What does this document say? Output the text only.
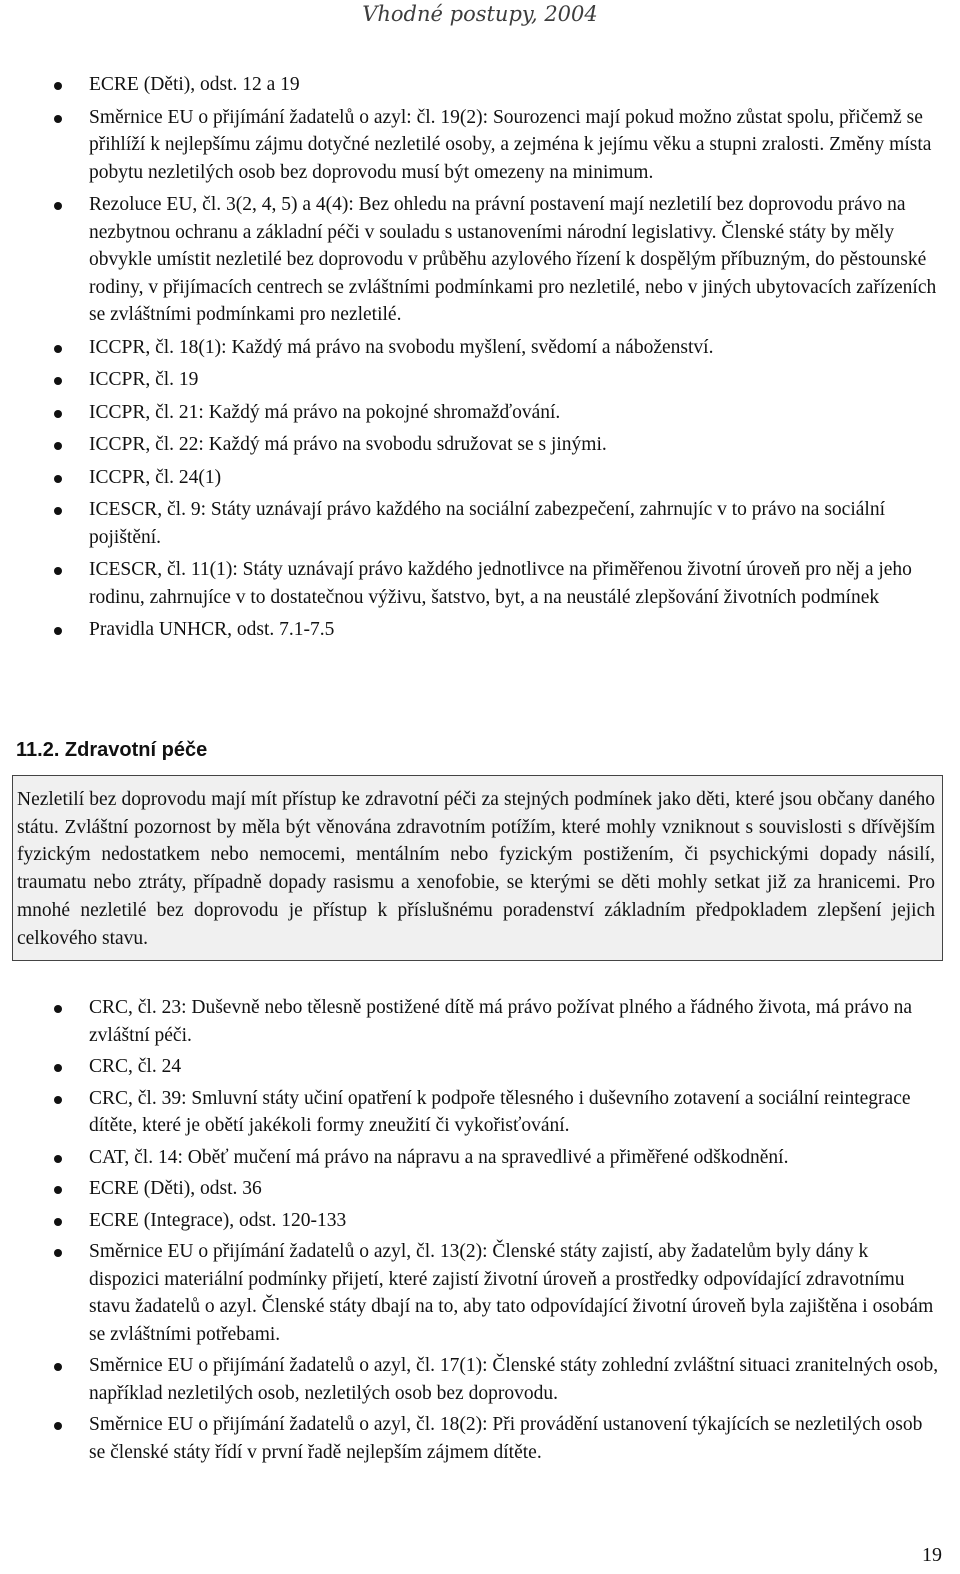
Vhodné postupy, 2004
ECRE (Děti), odst. 12 a 19
Směrnice EU o přijímání žadatelů o azyl: čl. 19(2): Sourozenci mají pokud možno zůstat spolu, přičemž se přihlíží k nejlepšímu zájmu dotyčné nezletilé osoby, a zejména k jejímu věku a stupni zralosti. Změny místa pobytu nezletilých osob bez doprovodu musí být omezeny na minimum.
Rezoluce EU, čl. 3(2, 4, 5) a 4(4): Bez ohledu na právní postavení mají nezletilí bez doprovodu právo na nezbytnou ochranu a základní péči v souladu s ustanoveními národní legislativy. Členské státy by měly obvykle umístit nezletilé bez doprovodu v průběhu azylového řízení k dospělým příbuzným, do pěstounské rodiny, v přijímacích centrech se zvláštními podmínkami pro nezletilé, nebo v jiných ubytovacích zařízeních se zvláštními podmínkami pro nezletilé.
ICCPR, čl. 18(1): Každý má právo na svobodu myšlení, svědomí a náboženství.
ICCPR, čl. 19
ICCPR, čl. 21: Každý má právo na pokojné shromažďování.
ICCPR, čl. 22: Každý má právo na svobodu sdružovat se s jinými.
ICCPR, čl. 24(1)
ICESCR, čl. 9: Státy uznávají právo každého na sociální zabezpečení, zahrnujíc v to právo na sociální pojištění.
ICESCR, čl. 11(1): Státy uznávají právo každého jednotlivce na přiměřenou životní úroveň pro něj a jeho rodinu, zahrnujíce v to dostatečnou výživu, šatstvo, byt, a na neustálé zlepšování životních podmínek
Pravidla UNHCR, odst. 7.1-7.5
11.2. Zdravotní péče
Nezletilí bez doprovodu mají mít přístup ke zdravotní péči za stejných podmínek jako děti, které jsou občany daného státu. Zvláštní pozornost by měla být věnována zdravotním potížím, které mohly vzniknout s souvislosti s dřívějším fyzickým nedostatkem nebo nemocemi, mentálním nebo fyzickým postižením, či psychickými dopady násilí, traumatu nebo ztráty, případně dopady rasismu a xenofobie, se kterými se děti mohly setkat již za hranicemi. Pro mnohé nezletilé bez doprovodu je přístup k příslušnému poradenství základním předpokladem zlepšení jejich celkového stavu.
CRC, čl. 23: Duševně nebo tělesně postižené dítě má právo požívat plného a řádného života, má právo na zvláštní péči.
CRC, čl. 24
CRC, čl. 39: Smluvní státy učiní opatření k podpoře tělesného i duševního zotavení a sociální reintegrace dítěte, které je obětí jakékoli formy zneužití či vykořisťování.
CAT, čl. 14: Oběť mučení má právo na nápravu a na spravedlivé a přiměřené odškodnění.
ECRE (Děti), odst. 36
ECRE (Integrace), odst. 120-133
Směrnice EU o přijímání žadatelů o azyl, čl. 13(2): Členské státy zajistí, aby žadatelům byly dány k dispozici materiální podmínky přijetí, které zajistí životní úroveň a prostředky odpovídající zdravotnímu stavu žadatelů o azyl. Členské státy dbají na to, aby tato odpovídající životní úroveň byla zajištěna i osobám se zvláštními potřebami.
Směrnice EU o přijímání žadatelů o azyl, čl. 17(1): Členské státy zohlední zvláštní situaci zranitelných osob, například nezletilých osob, nezletilých osob bez doprovodu.
Směrnice EU o přijímání žadatelů o azyl, čl. 18(2): Při provádění ustanovení týkajících se nezletilých osob se členské státy řídí v první řadě nejlepším zájmem dítěte.
19
